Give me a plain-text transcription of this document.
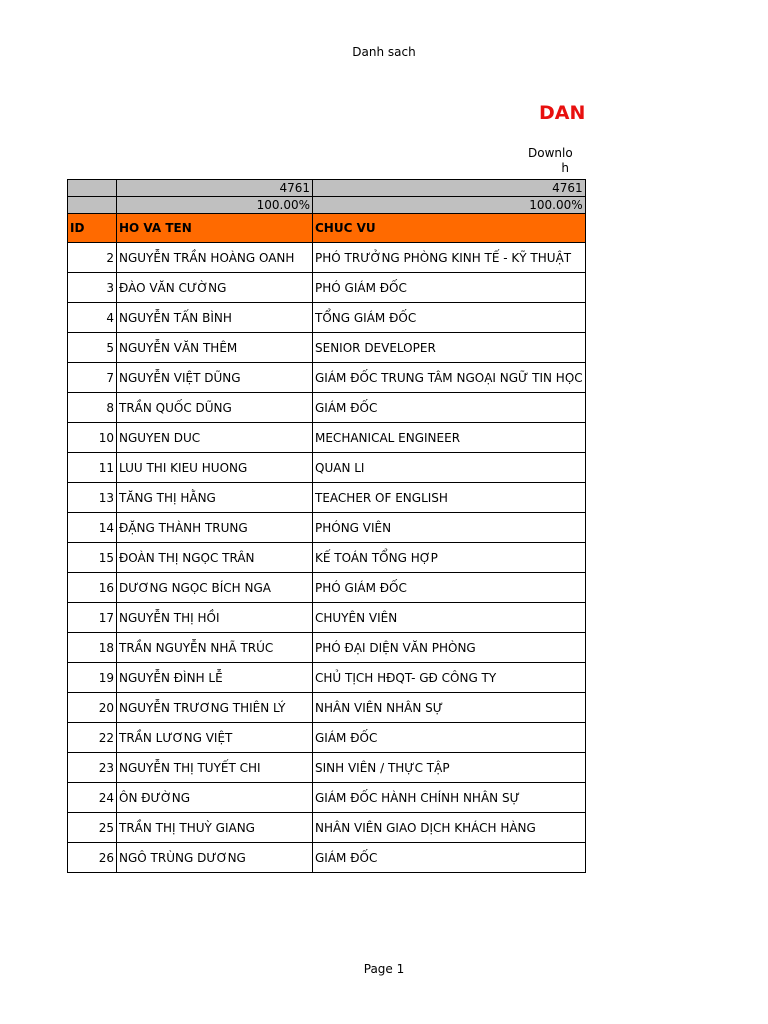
Danh sach
DAN
Downlo
h
	4761	4761
	100.00%	100.00%
ID	HO VA TEN	CHUC VU
2	NGUYỄN TRẦN HOÀNG OANH	PHÓ TRƯỞNG PHÒNG KINH TẾ - KỸ THUẬT
3	ĐÀO VĂN CƯỜNG	PHÓ GIÁM ĐỐC
4	NGUYỄN TẤN BÌNH	TỔNG GIÁM ĐỐC
5	NGUYỄN VĂN THÊM	SENIOR DEVELOPER
7	NGUYỄN VIỆT DŨNG	GIÁM ĐỐC TRUNG TÂM NGOẠI NGỮ TIN HỌC
8	TRẦN QUỐC DŨNG	GIÁM ĐỐC
10	NGUYEN DUC	MECHANICAL ENGINEER
11	LUU THI KIEU HUONG	QUAN LI
13	TĂNG THỊ HẰNG	TEACHER OF ENGLISH
14	ĐẶNG THÀNH TRUNG	PHÓNG VIÊN
15	ĐOÀN THỊ NGỌC TRÂN	KẾ TOÁN TỔNG HỢP
16	DƯƠNG NGỌC BÍCH NGA	PHÓ GIÁM ĐỐC
17	NGUYỄN THỊ HỒI	CHUYÊN VIÊN
18	TRẦN NGUYỄN NHÃ TRÚC	PHÓ ĐẠI DIỆN VĂN PHÒNG
19	NGUYỄN ĐÌNH LỄ	CHỦ TỊCH HĐQT- GĐ CÔNG TY
20	NGUYỄN TRƯƠNG THIÊN LÝ	NHÂN VIÊN NHÂN SỰ
22	TRẦN LƯƠNG VIỆT	GIÁM ĐỐC
23	NGUYỄN THỊ TUYẾT CHI	SINH VIÊN / THỰC TẬP
24	ÔN ĐƯỜNG	GIÁM ĐỐC HÀNH CHÍNH NHÂN SỰ
25	TRẦN THỊ THUỲ GIANG	NHÂN VIÊN GIAO DỊCH KHÁCH HÀNG
26	NGÔ TRÙNG DƯƠNG	GIÁM ĐỐC
Page 1
